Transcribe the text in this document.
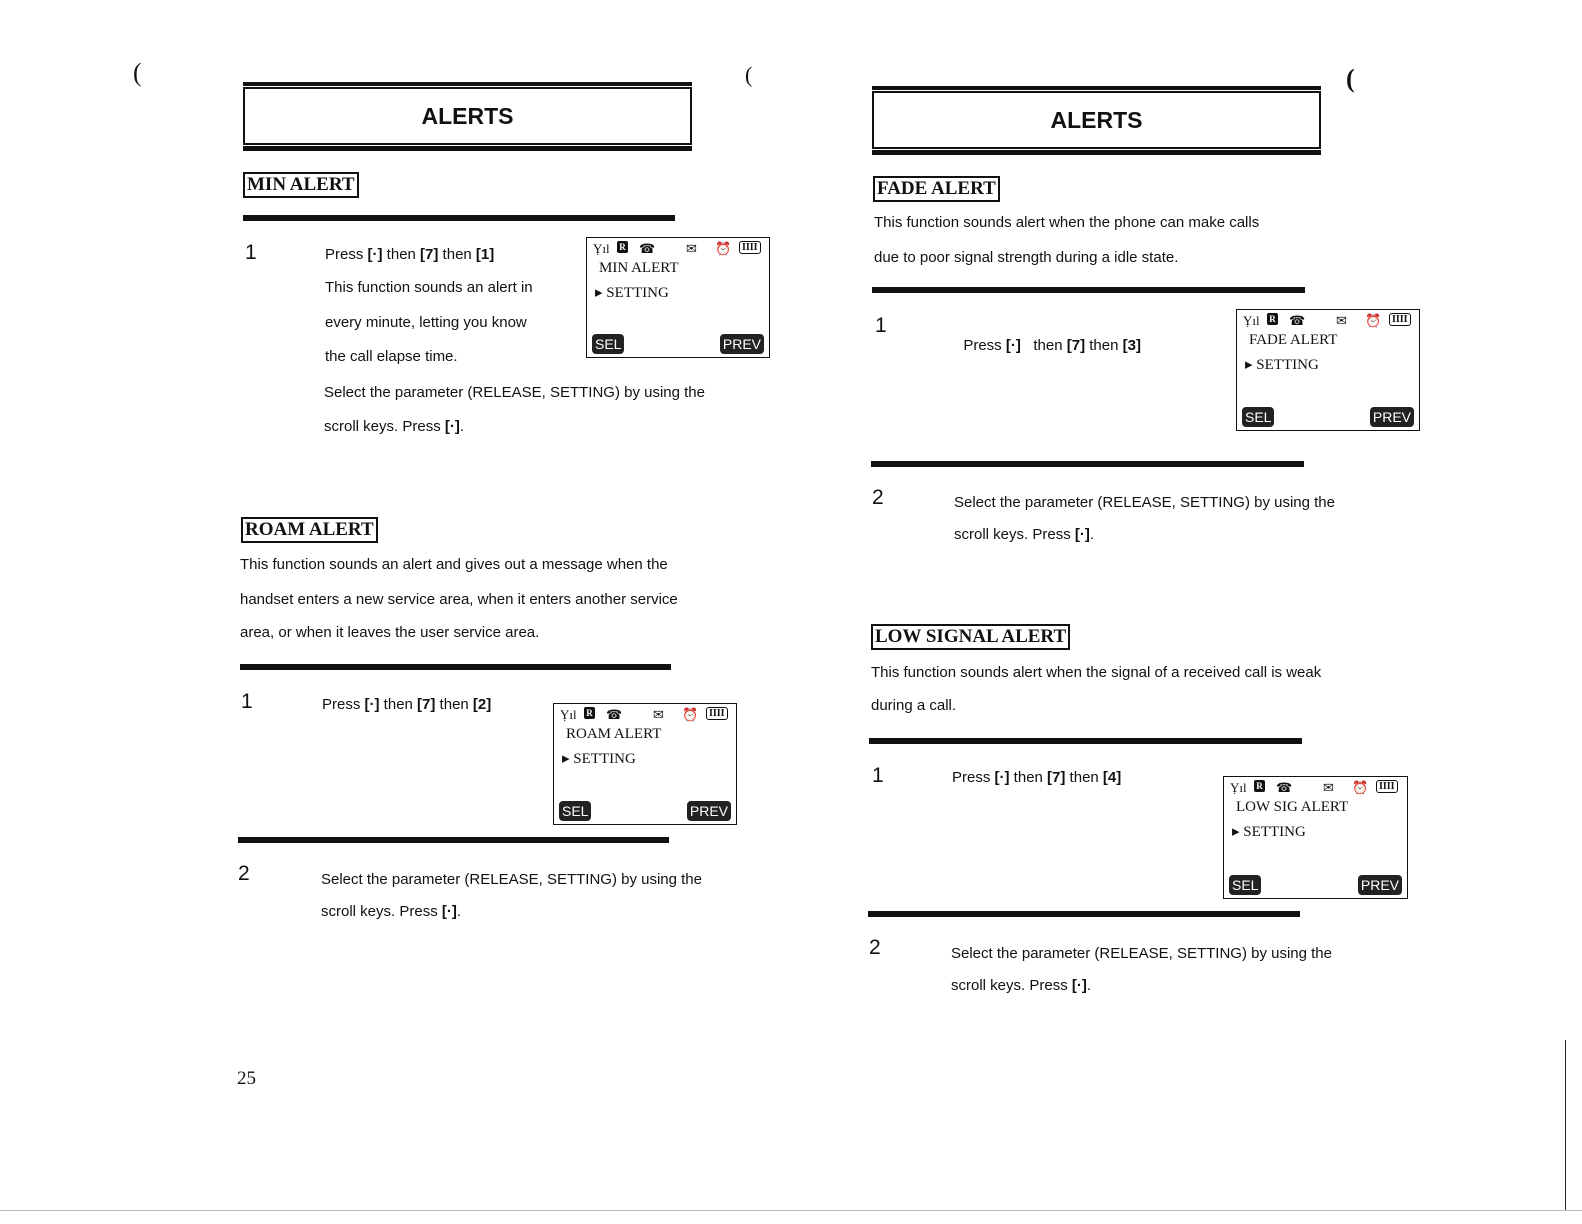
(	(	(
ALERTS
MIN ALERT
1	Press [·] then [7] then [1]
This function sounds an alert in
every minute, letting you know
the call elapse time.
Select the parameter (RELEASE, SETTING) by using the
scroll keys. Press [·].
Ỵıl R ☎ ✉ ⏰	IIII
MIN ALERT
▸ SETTING
SEL	PREV
ROAM ALERT
This function sounds an alert and gives out a message when the
handset enters a new service area, when it enters another service
area, or when it leaves the user service area.
1	Press [·] then [7] then [2]
Ỵıl R ☎ ✉ ⏰	IIII
ROAM ALERT
▸ SETTING
SEL	PREV
2	Select the parameter (RELEASE, SETTING) by using the
scroll keys. Press [·].
25
ALERTS
FADE ALERT
This function sounds alert when the phone can make calls
due to poor signal strength during a idle state.
1

Press [·]   then [7] then [3]

Ỵıl R ☎ ✉ ⏰	IIII
FADE ALERT
▸ SETTING
SEL	PREV
2	Select the parameter (RELEASE, SETTING) by using the
scroll keys. Press [·].
LOW SIGNAL ALERT
This function sounds alert when the signal of a received call is weak
during a call.
1	Press [·] then [7] then [4]
Ỵıl R ☎ ✉ ⏰	IIII
LOW SIG ALERT
▸ SETTING
SEL	PREV
2	Select the parameter (RELEASE, SETTING) by using the
scroll keys. Press [·].
